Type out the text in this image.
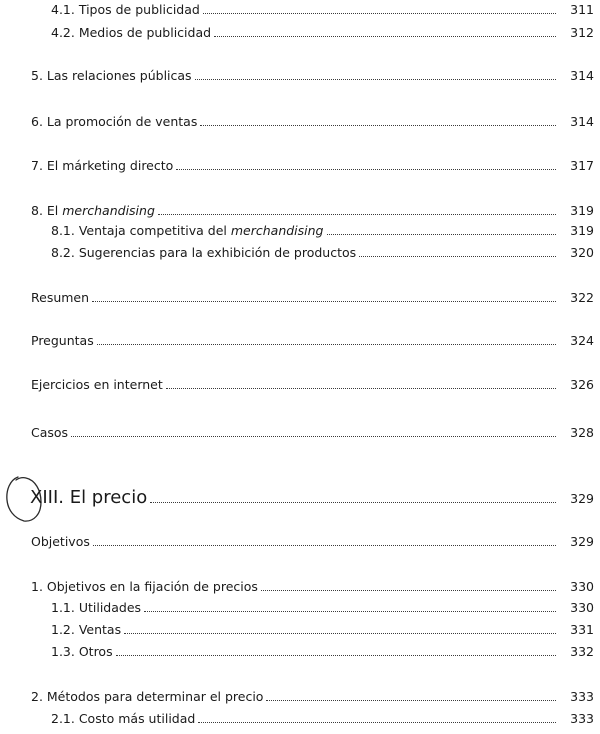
4.1. Tipos de publicidad	311
4.2. Medios de publicidad	312
5. Las relaciones públicas	314
6. La promoción de ventas	314
7. El márketing directo	317
8. El merchandising	319
8.1. Ventaja competitiva del merchandising	319
8.2. Sugerencias para la exhibición de productos	320
Resumen	322
Preguntas	324
Ejercicios en internet	326
Casos	328
XIII. El precio	329
Objetivos	329
1. Objetivos en la fijación de precios	330
1.1. Utilidades	330
1.2. Ventas	331
1.3. Otros	332
2. Métodos para determinar el precio	333
2.1. Costo más utilidad	333
